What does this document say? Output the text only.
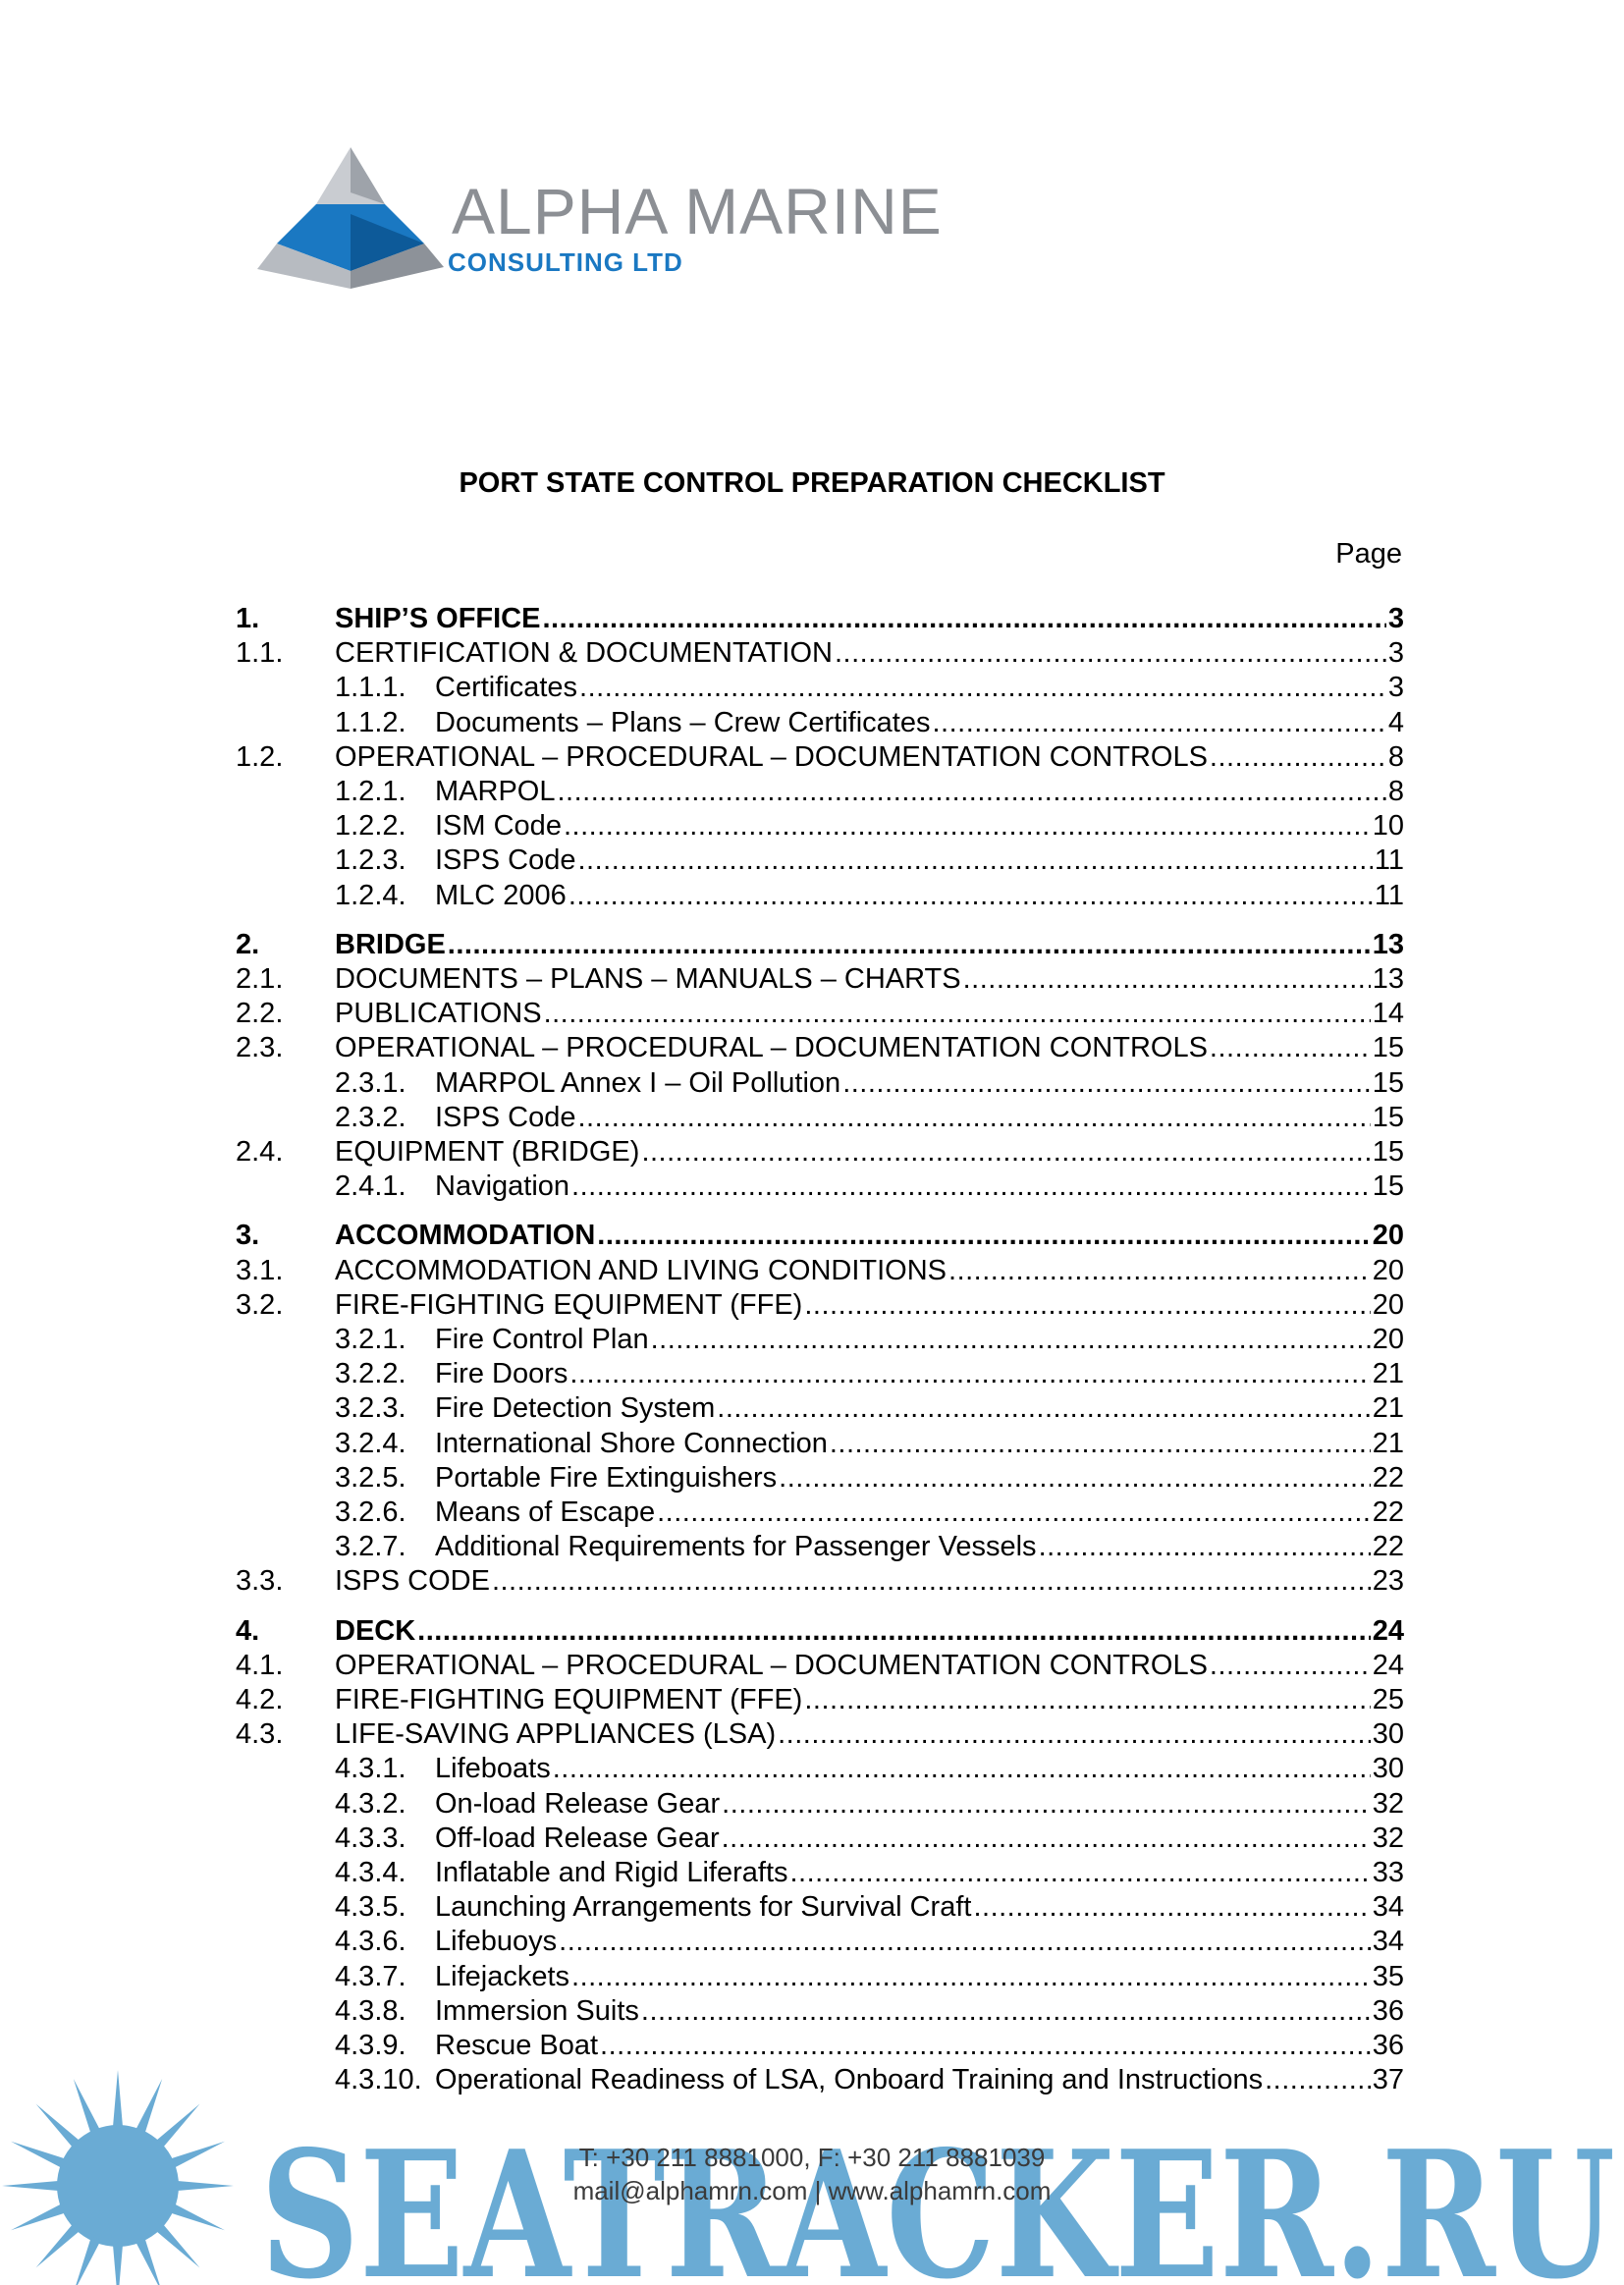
ALPHA MARINE
CONSULTING LTD
PORT STATE CONTROL PREPARATION CHECKLIST
Page
1.	SHIP’S OFFICE .....	3
1.1. CERTIFICATION & DOCUMENTATION .....	3
1.1.1. Certificates .....	3
1.1.2. Documents – Plans – Crew Certificates .....	4
1.2. OPERATIONAL – PROCEDURAL – DOCUMENTATION CONTROLS .....	8
1.2.1. MARPOL .....	8
1.2.2. ISM Code .....	10
1.2.3. ISPS Code .....	11
1.2.4. MLC 2006 .....	11
2.	BRIDGE .....	13
2.1. DOCUMENTS – PLANS – MANUALS – CHARTS .....	13
2.2. PUBLICATIONS .....	14
2.3. OPERATIONAL – PROCEDURAL – DOCUMENTATION CONTROLS .....	15
2.3.1. MARPOL Annex I – Oil Pollution .....	15
2.3.2. ISPS Code .....	15
2.4. EQUIPMENT (BRIDGE) .....	15
2.4.1. Navigation .....	15
3.	ACCOMMODATION .....	20
3.1. ACCOMMODATION AND LIVING CONDITIONS .....	20
3.2. FIRE-FIGHTING EQUIPMENT (FFE) .....	20
3.2.1. Fire Control Plan .....	20
3.2.2. Fire Doors .....	21
3.2.3. Fire Detection System .....	21
3.2.4. International Shore Connection .....	21
3.2.5. Portable Fire Extinguishers .....	22
3.2.6. Means of Escape .....	22
3.2.7. Additional Requirements for Passenger Vessels .....	22
3.3. ISPS CODE .....	23
4.	DECK .....	24
4.1. OPERATIONAL – PROCEDURAL – DOCUMENTATION CONTROLS .....	24
4.2. FIRE-FIGHTING EQUIPMENT (FFE) .....	25
4.3. LIFE-SAVING APPLIANCES (LSA) .....	30
4.3.1. Lifeboats .....	30
4.3.2. On-load Release Gear .....	32
4.3.3. Off-load Release Gear .....	32
4.3.4. Inflatable and Rigid Liferafts .....	33
4.3.5. Launching Arrangements for Survival Craft .....	34
4.3.6. Lifebuoys .....	34
4.3.7. Lifejackets .....	35
4.3.8. Immersion Suits .....	36
4.3.9. Rescue Boat .....	36
4.3.10. Operational Readiness of LSA, Onboard Training and Instructions .....	37
SEATRACKER.RU
T: +30 211 8881000, F: +30 211 8881039
mail@alphamrn.com | www.alphamrn.com
